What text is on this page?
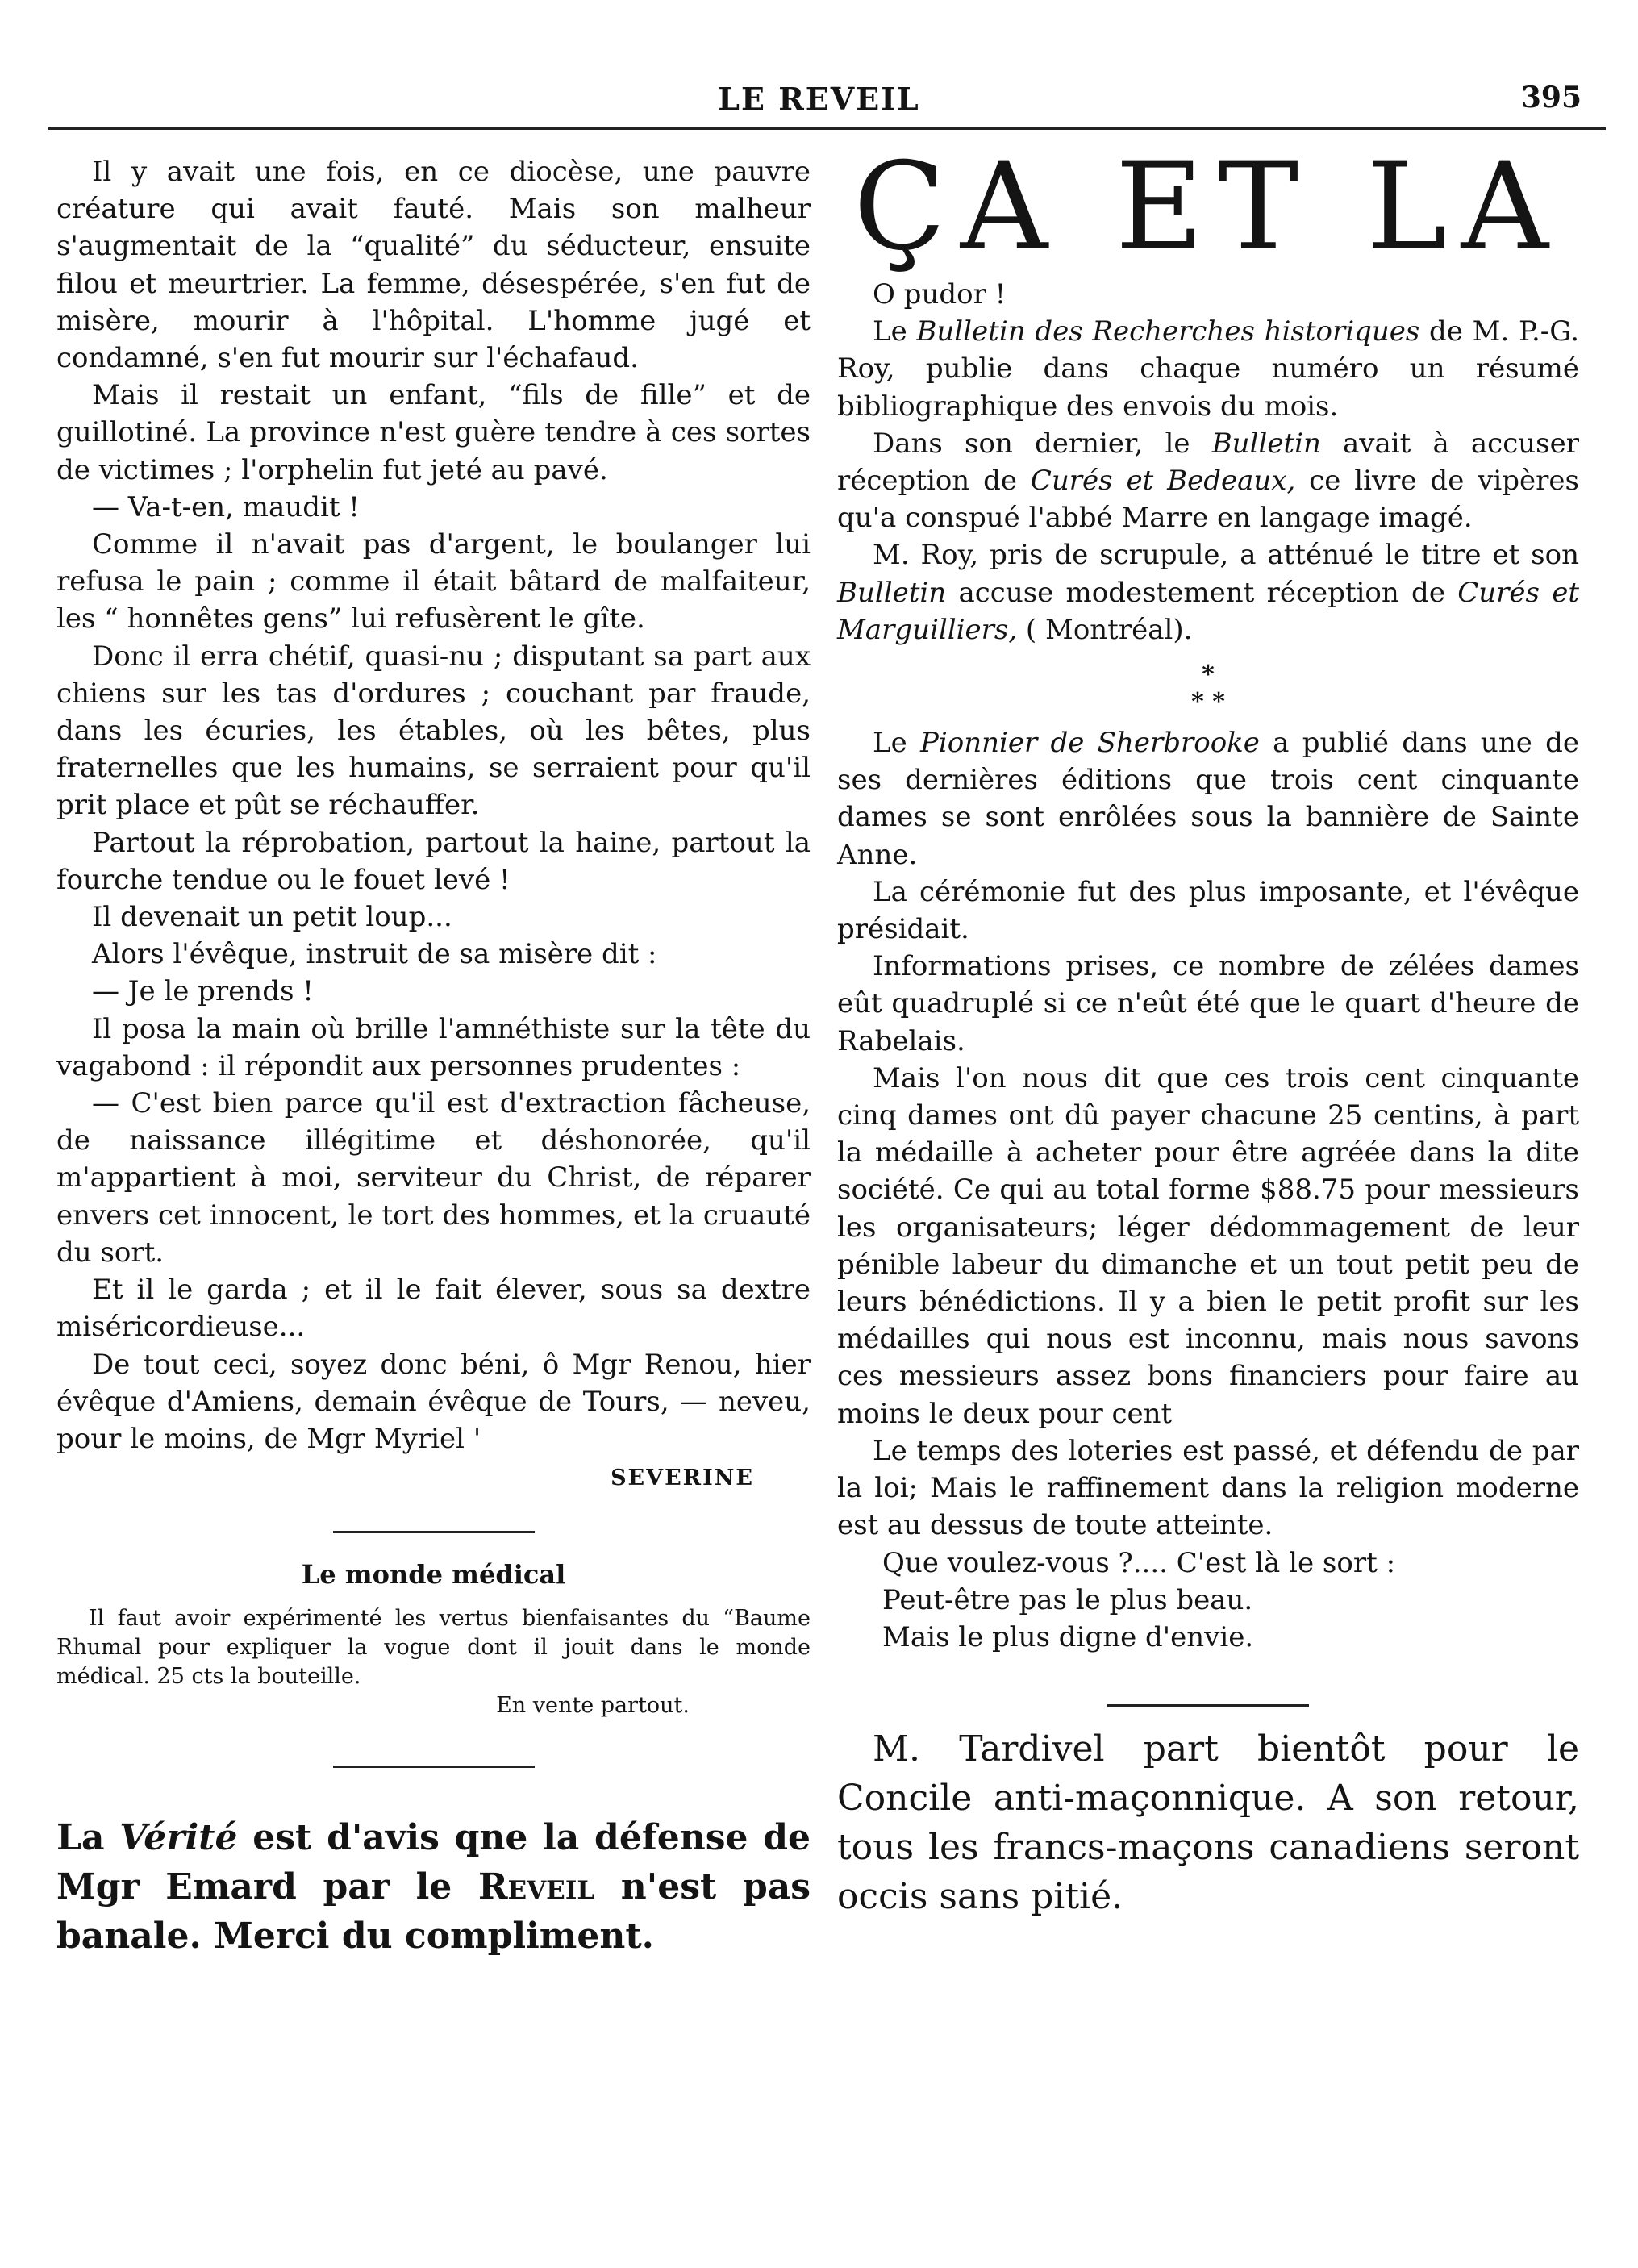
LE REVEIL	395

Il y avait une fois, en ce diocèse, une pauvre créature qui avait fauté. Mais son malheur s'augmentait de la “qualité” du séducteur, ensuite filou et meurtrier. La femme, désespérée, s'en fut de misère, mourir à l'hôpital. L'homme jugé et condamné, s'en fut mourir sur l'échafaud.

Mais il restait un enfant, “fils de fille” et de guillotiné. La province n'est guère tendre à ces sortes de victimes ; l'orphelin fut jeté au pavé.

— Va-t-en, maudit !

Comme il n'avait pas d'argent, le boulanger lui refusa le pain ; comme il était bâtard de malfaiteur, les “ honnêtes gens” lui refusèrent le gîte.

Donc il erra chétif, quasi-nu ; disputant sa part aux chiens sur les tas d'ordures ; couchant par fraude, dans les écuries, les étables, où les bêtes, plus fraternelles que les humains, se serraient pour qu'il prit place et pût se réchauffer.

Partout la réprobation, partout la haine, partout la fourche tendue ou le fouet levé !

Il devenait un petit loup...

Alors l'évêque, instruit de sa misère dit :

— Je le prends !

Il posa la main où brille l'amnéthiste sur la tête du vagabond : il répondit aux personnes prudentes :

— C'est bien parce qu'il est d'extraction fâcheuse, de naissance illégitime et déshonorée, qu'il m'appartient à moi, serviteur du Christ, de réparer envers cet innocent, le tort des hommes, et la cruauté du sort.

Et il le garda ; et il le fait élever, sous sa dextre miséricordieuse...

De tout ceci, soyez donc béni, ô Mgr Renou, hier évêque d'Amiens, demain évêque de Tours, — neveu, pour le moins, de Mgr Myriel '

SEVERINE
Le monde médical

Il faut avoir expérimenté les vertus bienfaisantes du “Baume Rhumal pour expliquer la vogue dont il jouit dans le monde médical. 25 cts la bouteille.

En vente partout.

La Vérité est d'avis qne la défense de Mgr Emard par le Reveil n'est pas banale. Merci du compliment.

ÇA ET LA

O pudor !

Le Bulletin des Recherches historiques de M. P.-G. Roy, publie dans chaque numéro un résumé bibliographique des envois du mois.

Dans son dernier, le Bulletin avait à accuser réception de Curés et Bedeaux, ce livre de vipères qu'a conspué l'abbé Marre en langage imagé.

M. Roy, pris de scrupule, a atténué le titre et son Bulletin accuse modestement réception de Curés et Marguilliers, ( Montréal).

*
* *

Le Pionnier de Sherbrooke a publié dans une de ses dernières éditions que trois cent cinquante dames se sont enrôlées sous la bannière de Sainte Anne.

La cérémonie fut des plus imposante, et l'évêque présidait.

Informations prises, ce nombre de zélées dames eût quadruplé si ce n'eût été que le quart d'heure de Rabelais.

Mais l'on nous dit que ces trois cent cinquante cinq dames ont dû payer chacune 25 centins, à part la médaille à acheter pour être agréée dans la dite société. Ce qui au total forme $88.75 pour messieurs les organisateurs; léger dédommagement de leur pénible labeur du dimanche et un tout petit peu de leurs bénédictions. Il y a bien le petit profit sur les médailles qui nous est inconnu, mais nous savons ces messieurs assez bons financiers pour faire au moins le deux pour cent

Le temps des loteries est passé, et défendu de par la loi; Mais le raffinement dans la religion moderne est au dessus de toute atteinte.

Que voulez-vous ?.... C'est là le sort :

Peut-être pas le plus beau.

Mais le plus digne d'envie.

M. Tardivel part bientôt pour le Concile anti-maçonnique. A son retour, tous les francs-maçons canadiens seront occis sans pitié.
